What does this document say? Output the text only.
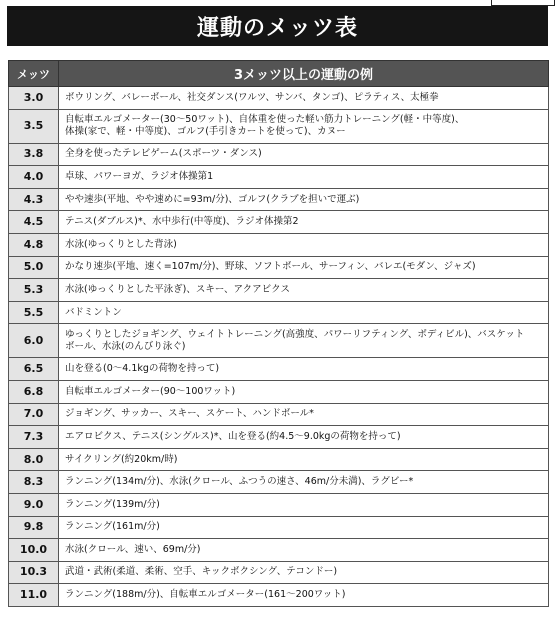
運動のメッツ表
メッツ	3メッツ以上の運動の例
3.0	ボウリング、バレーボール、社交ダンス(ワルツ、サンバ、タンゴ)、ピラティス、太極拳

3.5	自転車エルゴメーター(30〜50ワット)、自体重を使った軽い筋力トレーニング(軽・中等度)、
体操(家で、軽・中等度)、ゴルフ(手引きカートを使って)、カヌー

3.8	全身を使ったテレビゲーム(スポーツ・ダンス)

4.0	卓球、パワーヨガ、ラジオ体操第1

4.3	やや速歩(平地、やや速めに=93m/分)、ゴルフ(クラブを担いで運ぶ)

4.5	テニス(ダブルス)*、水中歩行(中等度)、ラジオ体操第2

4.8	水泳(ゆっくりとした背泳)

5.0	かなり速歩(平地、速く=107m/分)、野球、ソフトボール、サーフィン、バレエ(モダン、ジャズ)

5.3	水泳(ゆっくりとした平泳ぎ)、スキー、アクアビクス

5.5	バドミントン

6.0	ゆっくりとしたジョギング、ウェイトトレーニング(高強度、パワーリフティング、ボディビル)、バスケット
ボール、水泳(のんびり泳ぐ)

6.5	山を登る(0〜4.1kgの荷物を持って)

6.8	自転車エルゴメーター(90〜100ワット)

7.0	ジョギング、サッカー、スキー、スケート、ハンドボール*

7.3	エアロビクス、テニス(シングルス)*、山を登る(約4.5〜9.0kgの荷物を持って)

8.0	サイクリング(約20km/時)

8.3	ランニング(134m/分)、水泳(クロール、ふつうの速さ、46m/分未満)、ラグビー*

9.0	ランニング(139m/分)

9.8	ランニング(161m/分)

10.0	水泳(クロール、速い、69m/分)

10.3	武道・武術(柔道、柔術、空手、キックボクシング、テコンドー)

11.0	ランニング(188m/分)、自転車エルゴメーター(161〜200ワット)
